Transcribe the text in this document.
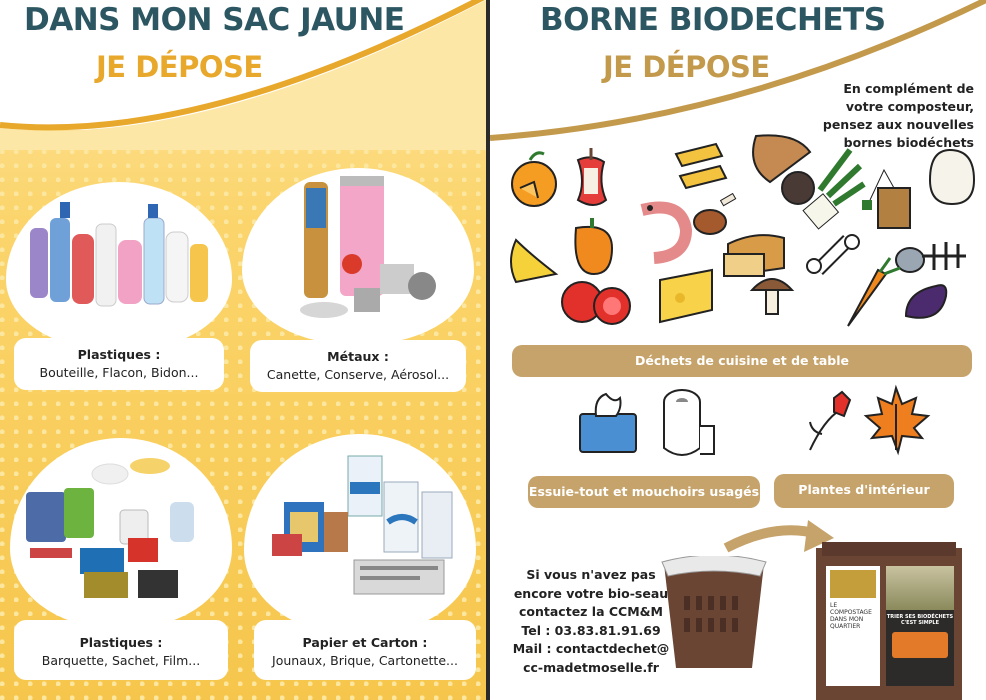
DANS MON SAC JAUNE
JE DÉPOSE
Plastiques :
Bouteille, Flacon, Bidon...
Métaux :
Canette, Conserve, Aérosol...
Plastiques :
Barquette, Sachet, Film...
Papier et Carton :
Jounaux, Brique, Cartonette...
BORNE BIODECHETS
JE DÉPOSE
En complément de
votre composteur,
pensez aux nouvelles
bornes biodéchets
Déchets de cuisine et de table
Essuie-tout et mouchoirs usagés	Plantes d'intérieur fanées
Si vous n'avez pas
encore votre bio-seau
contactez la CCM&M
Tel : 03.83.81.91.69
Mail : contactdechet@
cc-madetmoselle.fr
LE COMPOSTAGE DANS MON QUARTIER
TRIER SES BIODÉCHETS
C'EST SIMPLE
